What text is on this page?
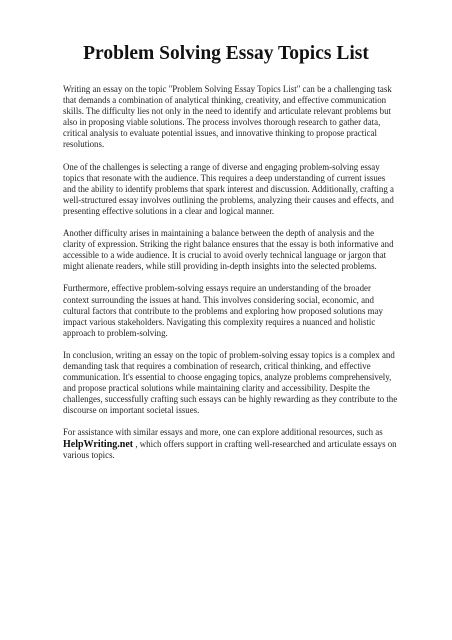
Problem Solving Essay Topics List

Writing an essay on the topic "Problem Solving Essay Topics List" can be a challenging task that demands a combination of analytical thinking, creativity, and effective communication skills. The difficulty lies not only in the need to identify and articulate relevant problems but also in proposing viable solutions. The process involves thorough research to gather data, critical analysis to evaluate potential issues, and innovative thinking to propose practical resolutions.

One of the challenges is selecting a range of diverse and engaging problem-solving essay topics that resonate with the audience. This requires a deep understanding of current issues and the ability to identify problems that spark interest and discussion. Additionally, crafting a well-structured essay involves outlining the problems, analyzing their causes and effects, and presenting effective solutions in a clear and logical manner.

Another difficulty arises in maintaining a balance between the depth of analysis and the clarity of expression. Striking the right balance ensures that the essay is both informative and accessible to a wide audience. It is crucial to avoid overly technical language or jargon that might alienate readers, while still providing in-depth insights into the selected problems.

Furthermore, effective problem-solving essays require an understanding of the broader context surrounding the issues at hand. This involves considering social, economic, and cultural factors that contribute to the problems and exploring how proposed solutions may impact various stakeholders. Navigating this complexity requires a nuanced and holistic approach to problem-solving.

In conclusion, writing an essay on the topic of problem-solving essay topics is a complex and demanding task that requires a combination of research, critical thinking, and effective communication. It's essential to choose engaging topics, analyze problems comprehensively, and propose practical solutions while maintaining clarity and accessibility. Despite the challenges, successfully crafting such essays can be highly rewarding as they contribute to the discourse on important societal issues.

For assistance with similar essays and more, one can explore additional resources, such as HelpWriting.net , which offers support in crafting well-researched and articulate essays on various topics.
